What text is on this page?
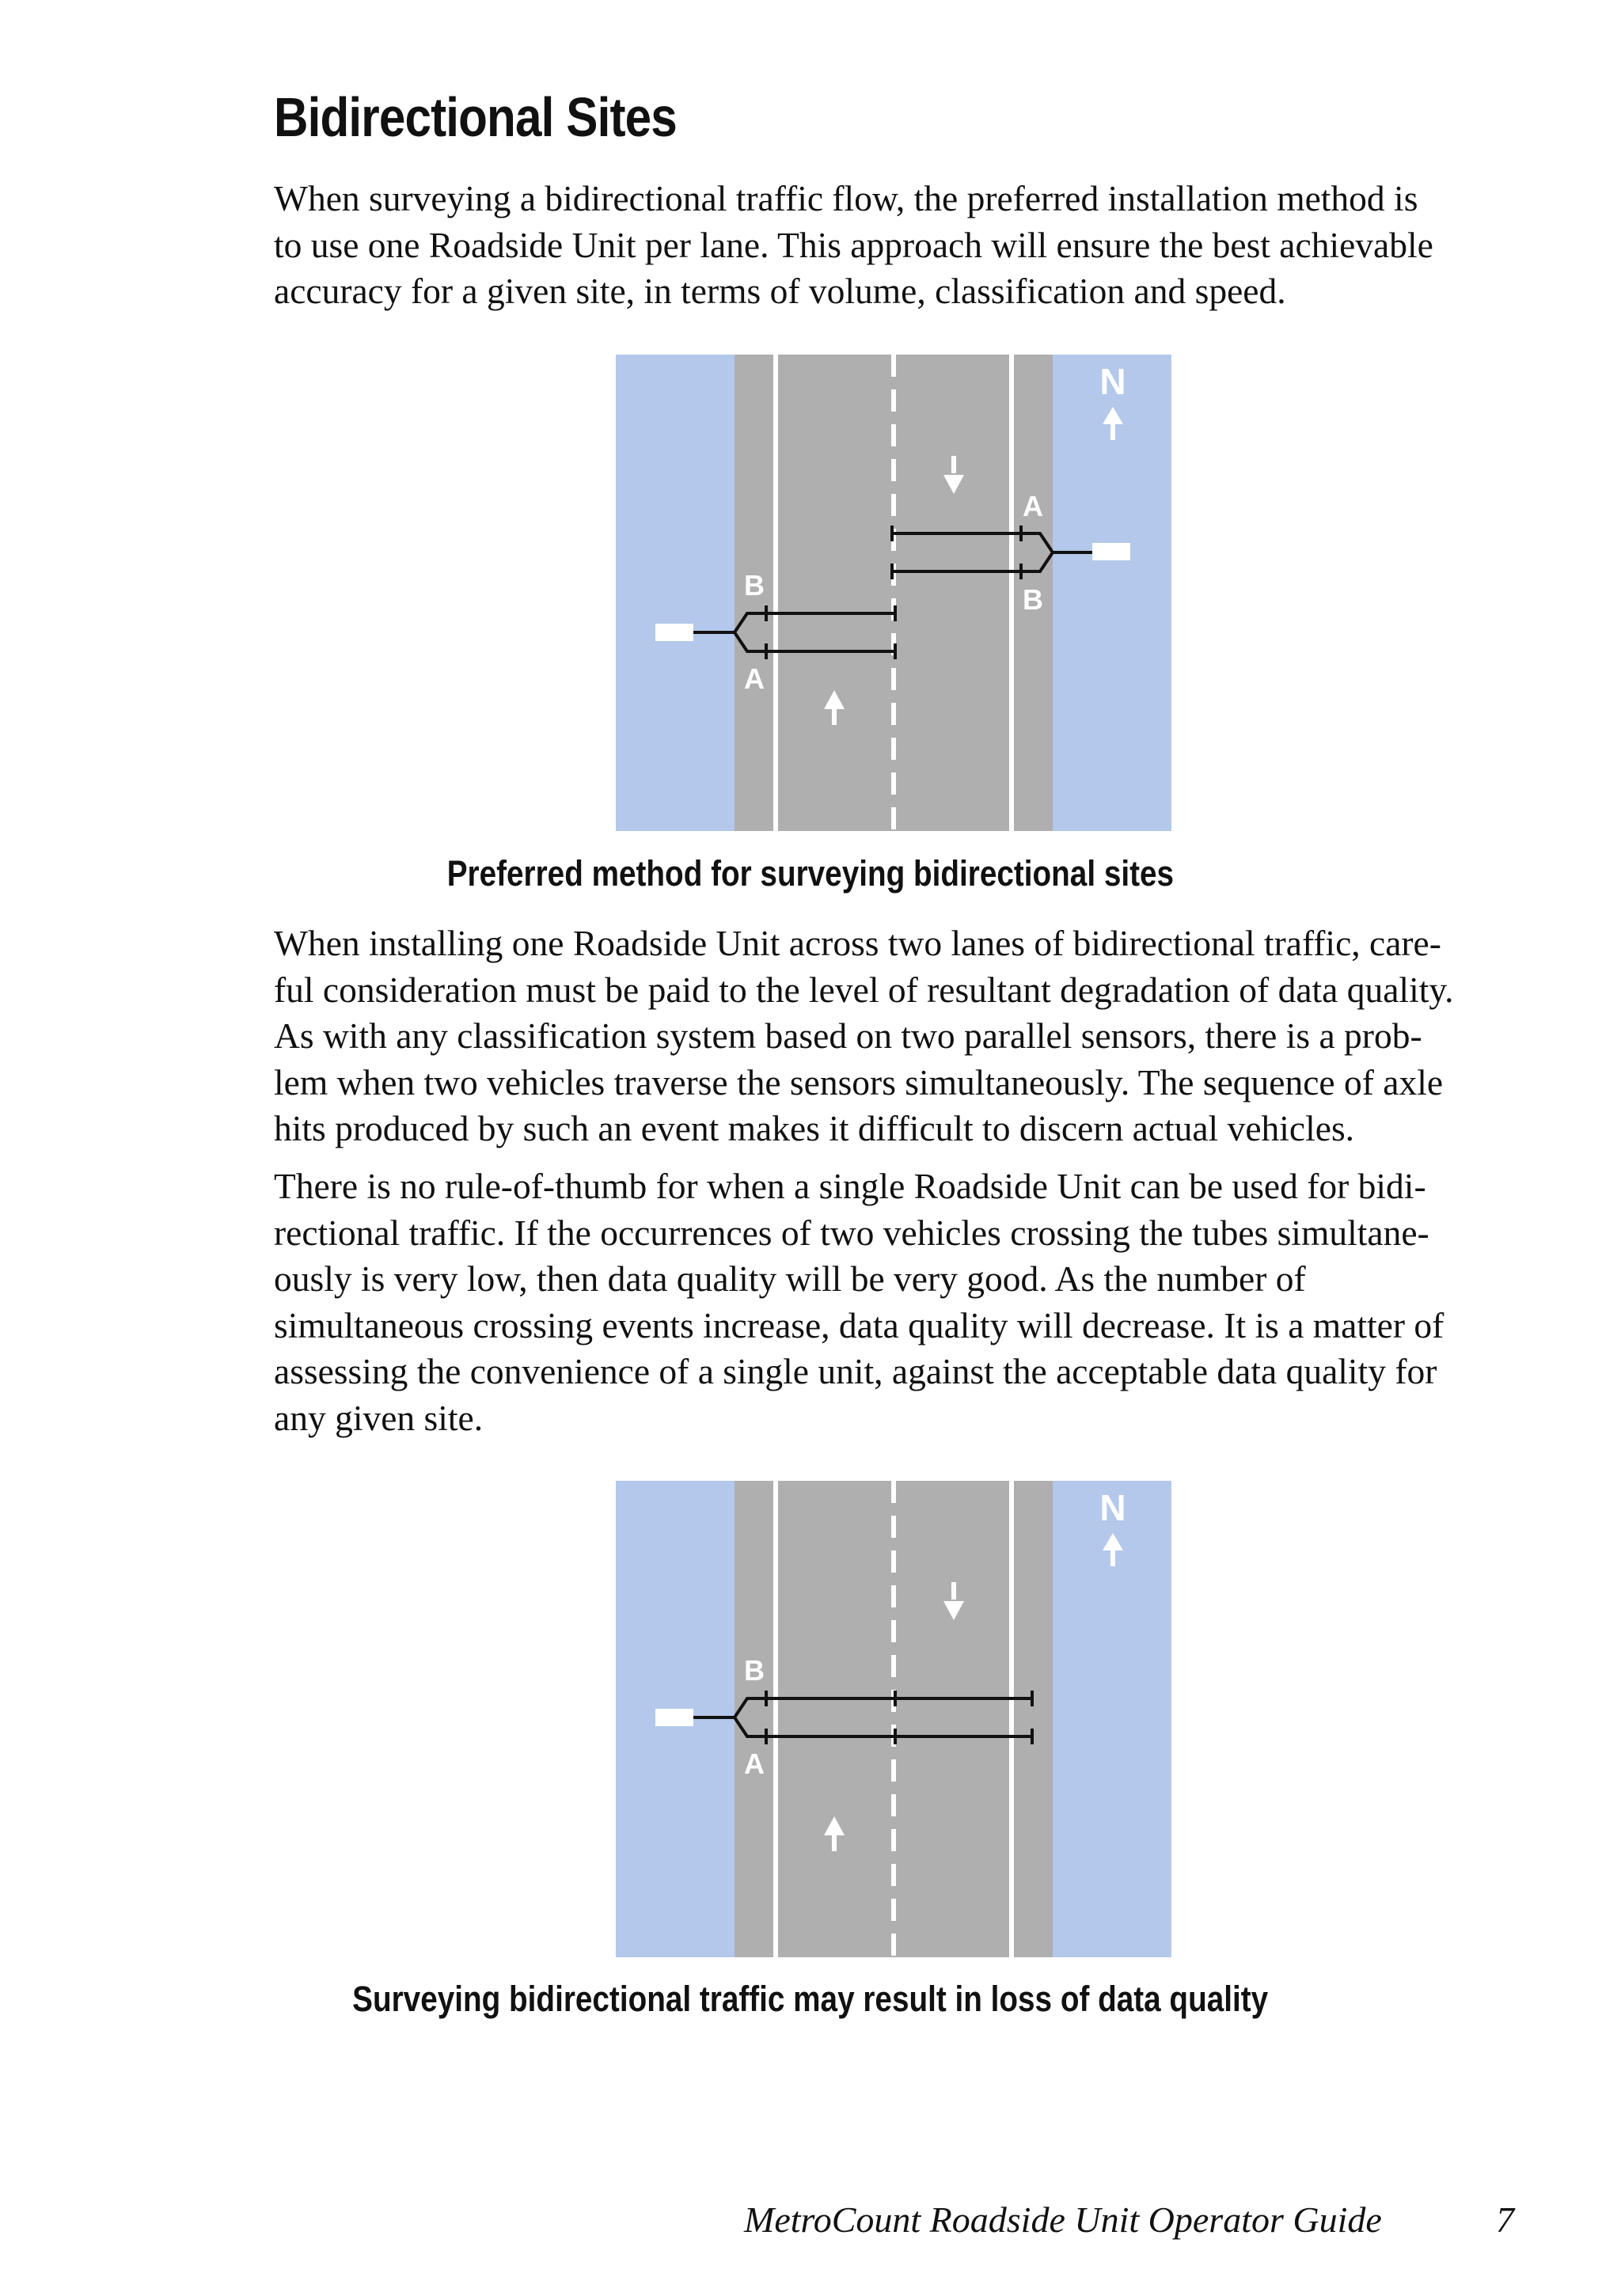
Bidirectional Sites

When surveying a bidirectional traffic flow, the preferred installation method is
to use one Roadside Unit per lane. This approach will ensure the best achievable
accuracy for a given site, in terms of volume, classification and speed.

N
A
B
B
A

Preferred method for surveying bidirectional sites

When installing one Roadside Unit across two lanes of bidirectional traffic, care-
ful consideration must be paid to the level of resultant degradation of data quality.
As with any classification system based on two parallel sensors, there is a prob-
lem when two vehicles traverse the sensors simultaneously. The sequence of axle
hits produced by such an event makes it difficult to discern actual vehicles.

There is no rule-of-thumb for when a single Roadside Unit can be used for bidi-
rectional traffic. If the occurrences of two vehicles crossing the tubes simultane-
ously is very low, then data quality will be very good. As the number of
simultaneous crossing events increase, data quality will decrease. It is a matter of
assessing the convenience of a single unit, against the acceptable data quality for
any given site.

N
B
A

Surveying bidirectional traffic may result in loss of data quality

MetroCount Roadside Unit Operator Guide	7
